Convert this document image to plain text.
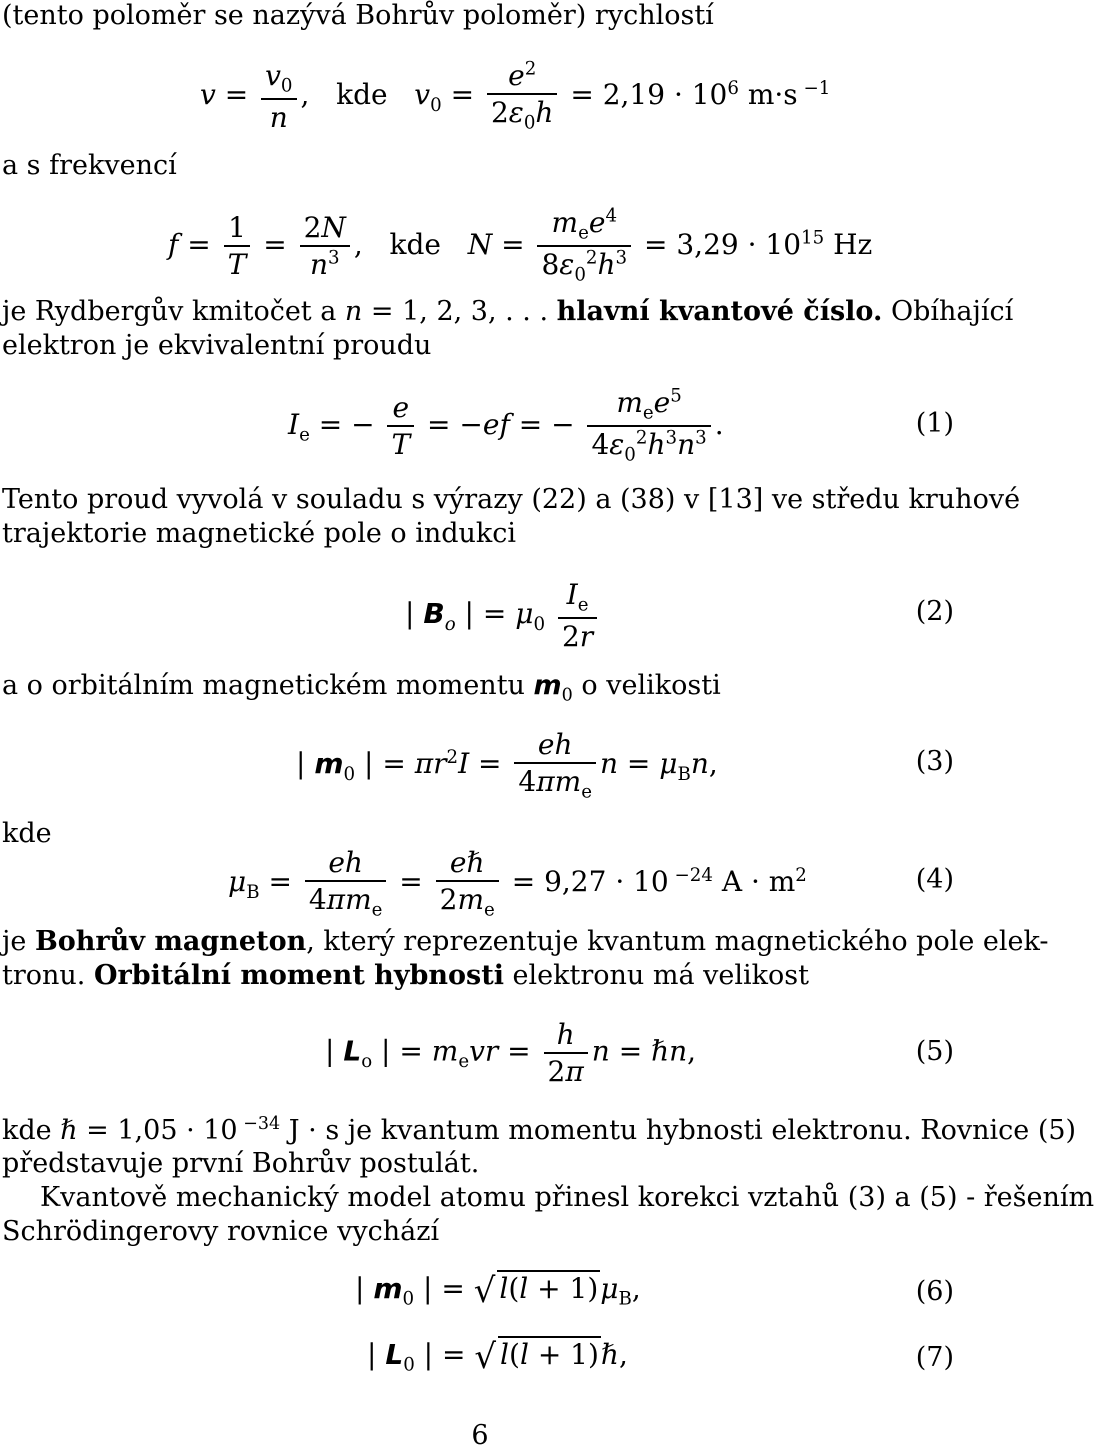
(tento poloměr se nazývá Bohrův poloměr) rychlostí
$v = \frac{v_0}{n}$ ,   kde $v_0 = \frac{e^2}{2\varepsilon_0h} = 2,19 \cdot 10^6$ m·s $^{-1}$
a s frekvencí
$f = \frac{1}{T} = \frac{2N}{n^3}$ ,   kde   $N = \frac{m_ee^4}{8\varepsilon_0^2h^3} = 3,29 \cdot 10^{15}$ Hz
je Rydbergův kmitočet a n = 1, 2, 3, . . . hlavní kvantové číslo. Obíhající
elektron je ekvivalentní proudu
$I_e$ = − $\frac{e}{T} = -ef$ = − $\frac{m_ee^5}{4\varepsilon_0^2h^3n^3}$ .	(1)
Tento proud vyvolá v souladu s výrazy (22) a (38) v [13] ve středu kruhové
trajektorie magnetické pole o indukci
| $B_o$ | = $\mu_0 \frac{I_e}{2r}$	(2)
a o orbitálním magnetickém momentu $m_0$ o velikosti
| $m_0$ | = $\pi r^2I = \frac{eh}{4\pi m_e}$ $n = \mu_Bn$,	(3)
kde
$\mu_B = \frac{eh}{4\pi m_e} = \frac{\text{eℏ}}{2m_e} = 9,27 \cdot 10$ $^{-24}$ $A \cdot m^2$	(4)
je Bohrův magneton, který reprezentuje kvantum magnetického pole elek-
tronu. Orbitální moment hybnosti elektronu má velikost
| $L_o$ | = $m_evr = \frac{h}{2\pi}$ n = ℏn,	(5)
kde ℏ = 1,05 · 10 $^{-34}$ J · s je kvantum momentu hybnosti elektronu. Rovnice (5)
představuje první Bohrův postulát.
Kvantově mechanický model atomu přinesl korekci vztahů (3) a (5) - řešením
Schrödingerovy rovnice vychází
| $m_0$ | = √ $l(l + 1)\mu_B$,	(6)
| $L_0$ | = √ l(l + 1)ℏ,	(7)
6
